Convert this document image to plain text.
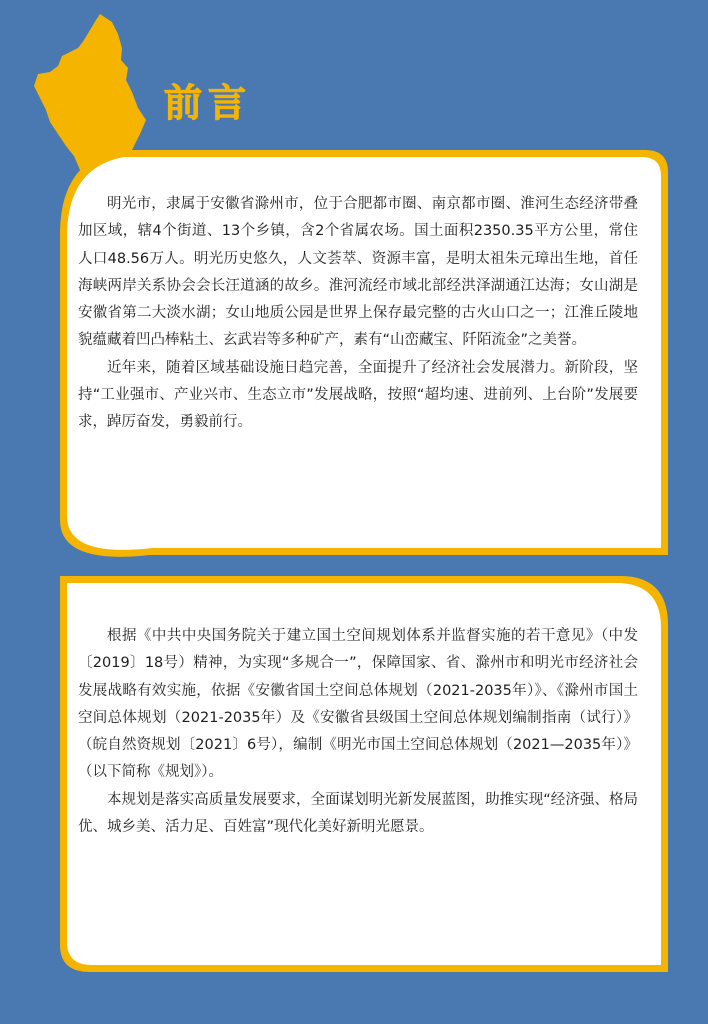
前言

明光市，隶属于安徽省滁州市，位于合肥都市圈、南京都市圈、淮河生态经济带叠加区域，辖4个街道、13个乡镇，含2个省属农场。国土面积2350.35平方公里，常住人口48.56万人。明光历史悠久，人文荟萃、资源丰富，是明太祖朱元璋出生地，首任海峡两岸关系协会会长汪道涵的故乡。淮河流经市域北部经洪泽湖通江达海；女山湖是安徽省第二大淡水湖；女山地质公园是世界上保存最完整的古火山口之一；江淮丘陵地貌蕴藏着凹凸棒粘土、玄武岩等多种矿产，素有“山峦藏宝、阡陌流金”之美誉。

近年来，随着区域基础设施日趋完善，全面提升了经济社会发展潜力。新阶段，坚持“工业强市、产业兴市、生态立市”发展战略，按照“超均速、进前列、上台阶”发展要求，踔厉奋发，勇毅前行。

根据《中共中央国务院关于建立国土空间规划体系并监督实施的若干意见》（中发〔2019〕18号）精神，为实现“多规合一”，保障国家、省、滁州市和明光市经济社会发展战略有效实施，依据《安徽省国土空间总体规划（2021-2035年）》、《滁州市国土空间总体规划（2021-2035年）及《安徽省县级国土空间总体规划编制指南（试行）》（皖自然资规划〔2021〕6号），编制《明光市国土空间总体规划（2021—2035年）》（以下简称《规划》）。

本规划是落实高质量发展要求，全面谋划明光新发展蓝图，助推实现“经济强、格局优、城乡美、活力足、百姓富”现代化美好新明光愿景。
